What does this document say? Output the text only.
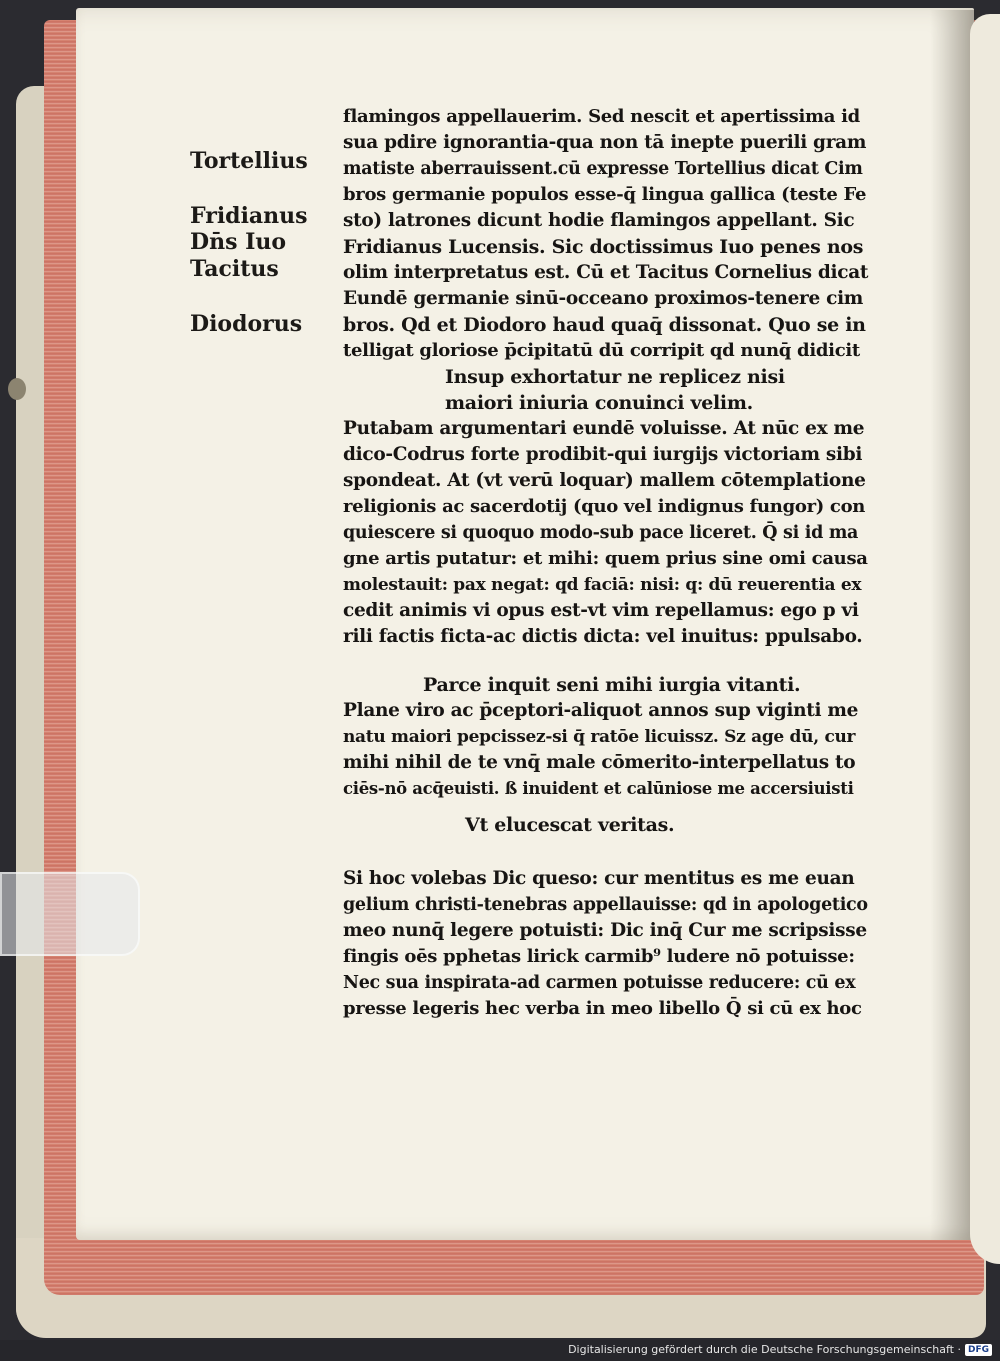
Tortellius
Fridianus
Dn̄s Iuo
Tacitus
Diodorus
flamingos appellauerim. Sed nescit et apertissima id
sua pdire ignorantia-qua non tā inepte puerili gram
matiste aberrauissent.cū expresse Tortellius dicat Cim
bros germanie populos esse-q̄ lingua gallica (teste Fe
sto) latrones dicunt hodie flamingos appellant. Sic
Fridianus Lucensis. Sic doctissimus Iuo penes nos
olim interpretatus est. Cū et Tacitus Cornelius dicat
Eundē germanie sinū-occeano proximos-tenere cim
bros. Qd et Diodoro haud quaq̄ dissonat. Quo se in
telligat gloriose p̄cipitatū dū corripit qd nunq̄ didicit
Insup exhortatur ne replicez nisi
maiori iniuria conuinci velim.
Putabam argumentari eundē voluisse. At nūc ex me
dico-Codrus forte prodibit-qui iurgijs victoriam sibi
spondeat. At (vt verū loquar) mallem cōtemplatione
religionis ac sacerdotij (quo vel indignus fungor) con
quiescere si quoquo modo-sub pace liceret. Q̄ si id ma
gne artis putatur: et mihi: quem prius sine omi causa
molestauit: pax negat: qd faciā: nisi: q: dū reuerentia ex
cedit animis vi opus est-vt vim repellamus: ego p vi
rili factis ficta-ac dictis dicta: vel inuitus: ppulsabo.
Parce inquit seni mihi iurgia vitanti.
Plane viro ac p̄ceptori-aliquot annos sup viginti me
natu maiori pepcissez-si q̄ ratōe licuissz. Sz age dū, cur
mihi nihil de te vnq̄ male cōmerito-interpellatus to
ciēs-nō acq̄euisti. ß inuident et calūniose me accersiuisti
Vt elucescat veritas.
Si hoc volebas Dic queso: cur mentitus es me euan
gelium christi-tenebras appellauisse: qd in apologetico
meo nunq̄ legere potuisti: Dic inq̄ Cur me scripsisse
fingis oēs pphetas lirick carmib⁹ ludere nō potuisse:
Nec sua inspirata-ad carmen potuisse reducere: cū ex
presse legeris hec verba in meo libello Q̄ si cū ex hoc
Digitalisierung gefördert durch die Deutsche Forschungsgemeinschaft · DFG
